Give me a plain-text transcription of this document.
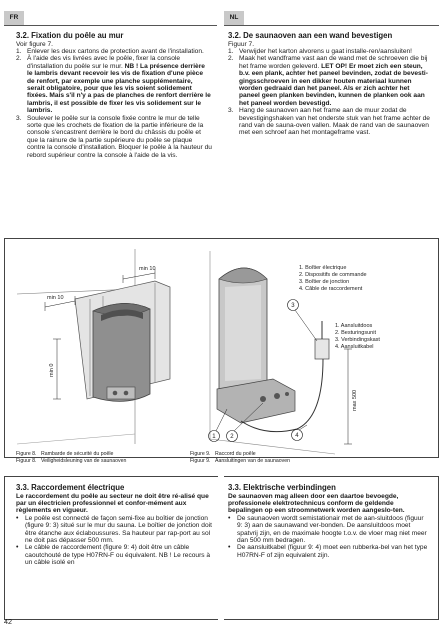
FR	NL
3.2. Fixation du poêle au mur
Voir figure 7.
1. Enlever les deux cartons de protection avant de l'installation.
2. À l'aide des vis livrées avec le poêle, fixer la console d'installation du poêle sur le mur. NB ! La présence derrière le lambris devant recevoir les vis de fixation d'une pièce de renfort, par exemple une planche supplémentaire, serait obligatoire, pour que les vis soient solidement fixées. Mais s'il n'y a pas de planches de renfort derrière le lambris, il est possible de fixer les vis solidement sur le lambris.
3. Soulever le poêle sur la console fixée contre le mur de telle sorte que les crochets de fixation de la partie inférieure de la console s'encastrent derrière le bord du châssis du poêle et que la rainure de la partie supérieure du poêle se plaque contre la console d'installation. Bloquer le poêle à la hauteur du rebord supérieur contre la console à l'aide de la vis.
3.2. De saunaoven aan een wand bevestigen
Figuur 7.
1. Verwijder het karton alvorens u gaat installe-ren/aansluiten!
2. Maak het wandframe vast aan de wand met de schroeven die bij het frame worden geleverd. LET OP! Er moet zich een steun, b.v. een plank, achter het paneel bevinden, zodat de bevesti-gingsschroeven in een dikker houten materiaal kunnen worden gedraaid dan het paneel. Als er zich achter het paneel geen planken bevinden, kunnen de planken ook aan het paneel worden bevestigd.
3. Hang de saunaoven aan het frame aan de muur zodat de bevestigingshaken van het onderste stuk van het frame achter de rand van de sauna-oven vallen. Maak de rand van de saunaoven met een schroef aan het montageframe vast.
min 10
min 10
min 0
max 500
1 2
3
4
1. Boîtier électrique
2. Dispositifs de commande
3. Boîtier de jonction
4. Câble de raccordement
1. Aansluitdoos
2. Besturingsunit
3. Verbindingskast
4. Aansluitkabel
Figure 8. Rambarde de sécurité du poêle
Figuur 8. Veiligheidsleuning van de saunaoven
Figure 9. Raccord du poêle
Figuur 9. Aansluitingen van de saunaoven
3.3. Raccordement électrique
Le raccordement du poêle au secteur ne doit être ré-alisé que par un électricien professionnel et confor-mément aux règlements en vigueur.
• Le poêle est connecté de façon semi-fixe au boîtier de jonction (figure 9: 3) situé sur le mur du sauna. Le boîtier de jonction doit être étanche aux éclaboussures. Sa hauteur par rap-port au sol ne doit pas dépasser 500 mm.
• Le câble de raccordement (figure 9: 4) doit être un câble caoutchouté de type H07RN-F ou équivalent. NB ! Le recours à un câble isolé en
3.3. Elektrische verbindingen
De saunaoven mag alleen door een daartoe bevoegde, professionele elektrotechnicus conform de geldende bepalingen op een stroomnetwerk worden aangeslo-ten.
• De saunaoven wordt semistationair met de aan-sluitdoos (figuur 9: 3) aan de saunawand ver-bonden. De aansluitdoos moet spatvrij zijn, en de maximale hoogte t.o.v. de vloer mag niet meer dan 500 mm bedragen.
• De aansluitkabel (figuur 9: 4) moet een rubberka-bel van het type H07RN-F of zijn equivalent zijn.
42
